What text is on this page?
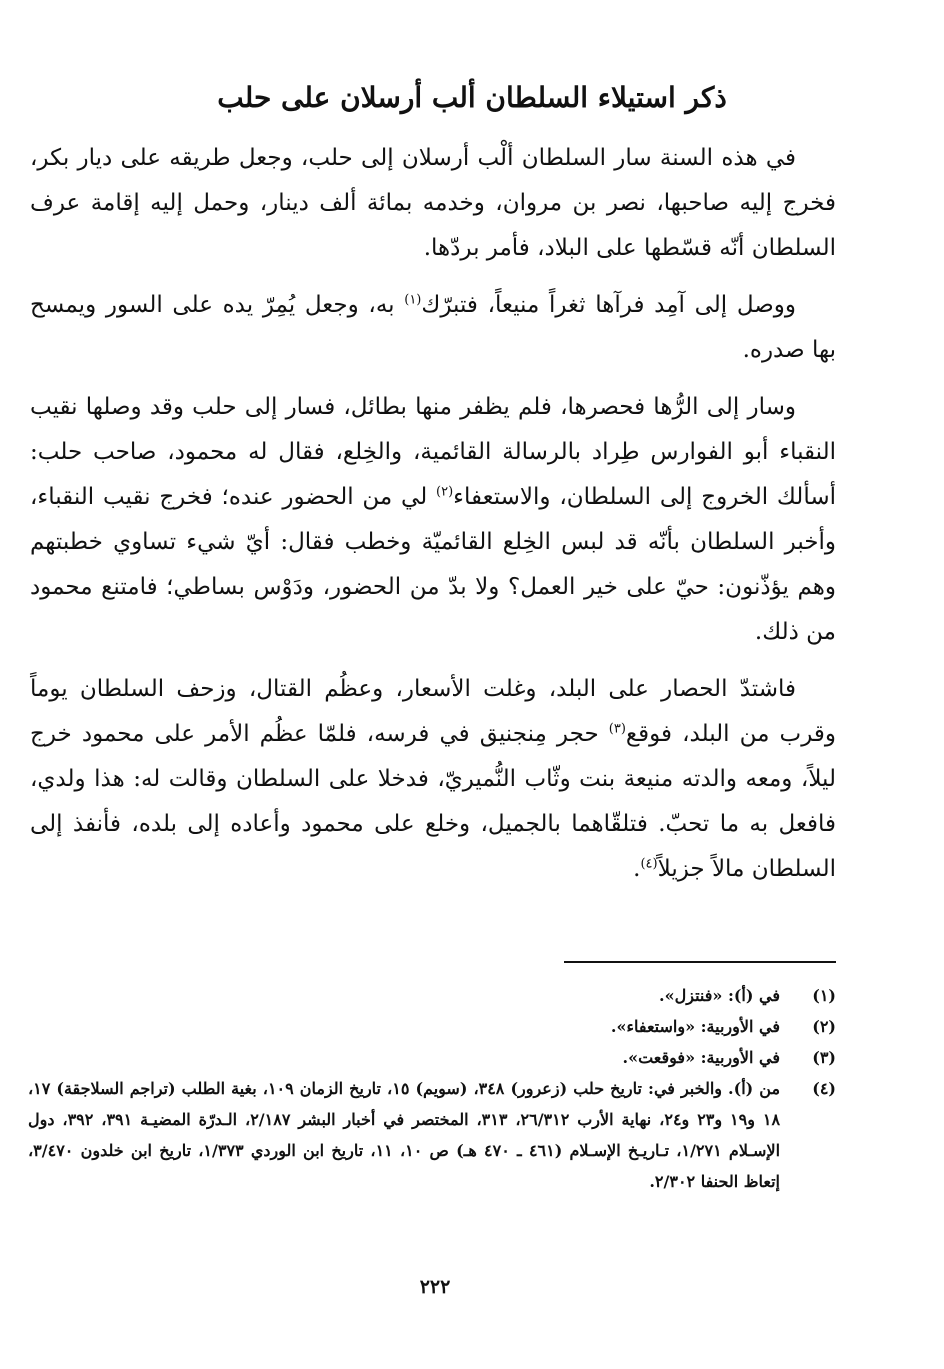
ذكر استيلاء السلطان ألب أرسلان على حلب

في هذه السنة سار السلطان ألْب أرسلان إلى حلب، وجعل طريقه على ديار بكر، فخرج إليه صاحبها، نصر بن مروان، وخدمه بمائة ألف دينار، وحمل إليه إقامة عرف السلطان أنّه قسّطها على البلاد، فأمر بردّها.

ووصل إلى آمِد فرآها ثغراً منيعاً، فتبرّك$^{(١)}$ به، وجعل يُمِرّ يده على السور ويمسح بها صدره.

وسار إلى الرُّها فحصرها، فلم يظفر منها بطائل، فسار إلى حلب وقد وصلها نقيب النقباء أبو الفوارس طِراد بالرسالة القائمية، والخِلع، فقال له محمود، صاحب حلب: أسألك الخروج إلى السلطان، والاستعفاء$^{(٢)}$ لي من الحضور عنده؛ فخرج نقيب النقباء، وأخبر السلطان بأنّه قد لبس الخِلع القائميّة وخطب فقال: أيّ شيء تساوي خطبتهم وهم يؤذّنون: حيّ على خير العمل؟ ولا بدّ من الحضور، ودَوْس بساطي؛ فامتنع محمود من ذلك.

فاشتدّ الحصار على البلد، وغلت الأسعار، وعظُم القتال، وزحف السلطان يوماً وقرب من البلد، فوقع$^{(٣)}$ حجر مِنجنيق في فرسه، فلمّا عظُم الأمر على محمود خرج ليلاً، ومعه والدته منيعة بنت وثّاب النُّميريّ، فدخلا على السلطان وقالت له: هذا ولدي، فافعل به ما تحبّ. فتلقّاهما بالجميل، وخلع على محمود وأعاده إلى بلده، فأنفذ إلى السلطان مالاً جزيلاً$^{(٤)}$.

(١)
في (أ): «فنتزل».
(٢)
في الأوربية: «واستعفاء».
(٣)
في الأوربية: «فوقعت».
(٤)
من (أ). والخبر في: تاريخ حلب (زعرور) ٣٤٨، (سويم) ١٥، تاريخ الزمان ١٠٩، بغية الطلب (تراجم السلاجقة) ١٧، ١٨ و١٩ و٢٣ و٢٤، نهاية الأرب ٢٦/٣١٢، ٣١٣، المختصر في أخبار البشر ٢/١٨٧، الـدرّة المضيـة ٣٩١، ٣٩٢، دول الإسـلام ١/٢٧١، تـاريـخ الإسـلام (٤٦١ ـ ٤٧٠ هـ) ص ١٠، ١١، تاريخ ابن الوردي ١/٣٧٣، تاريخ ابن خلدون ٣/٤٧٠، إتعاظ الحنفا ٢/٣٠٢.
٢٢٢
